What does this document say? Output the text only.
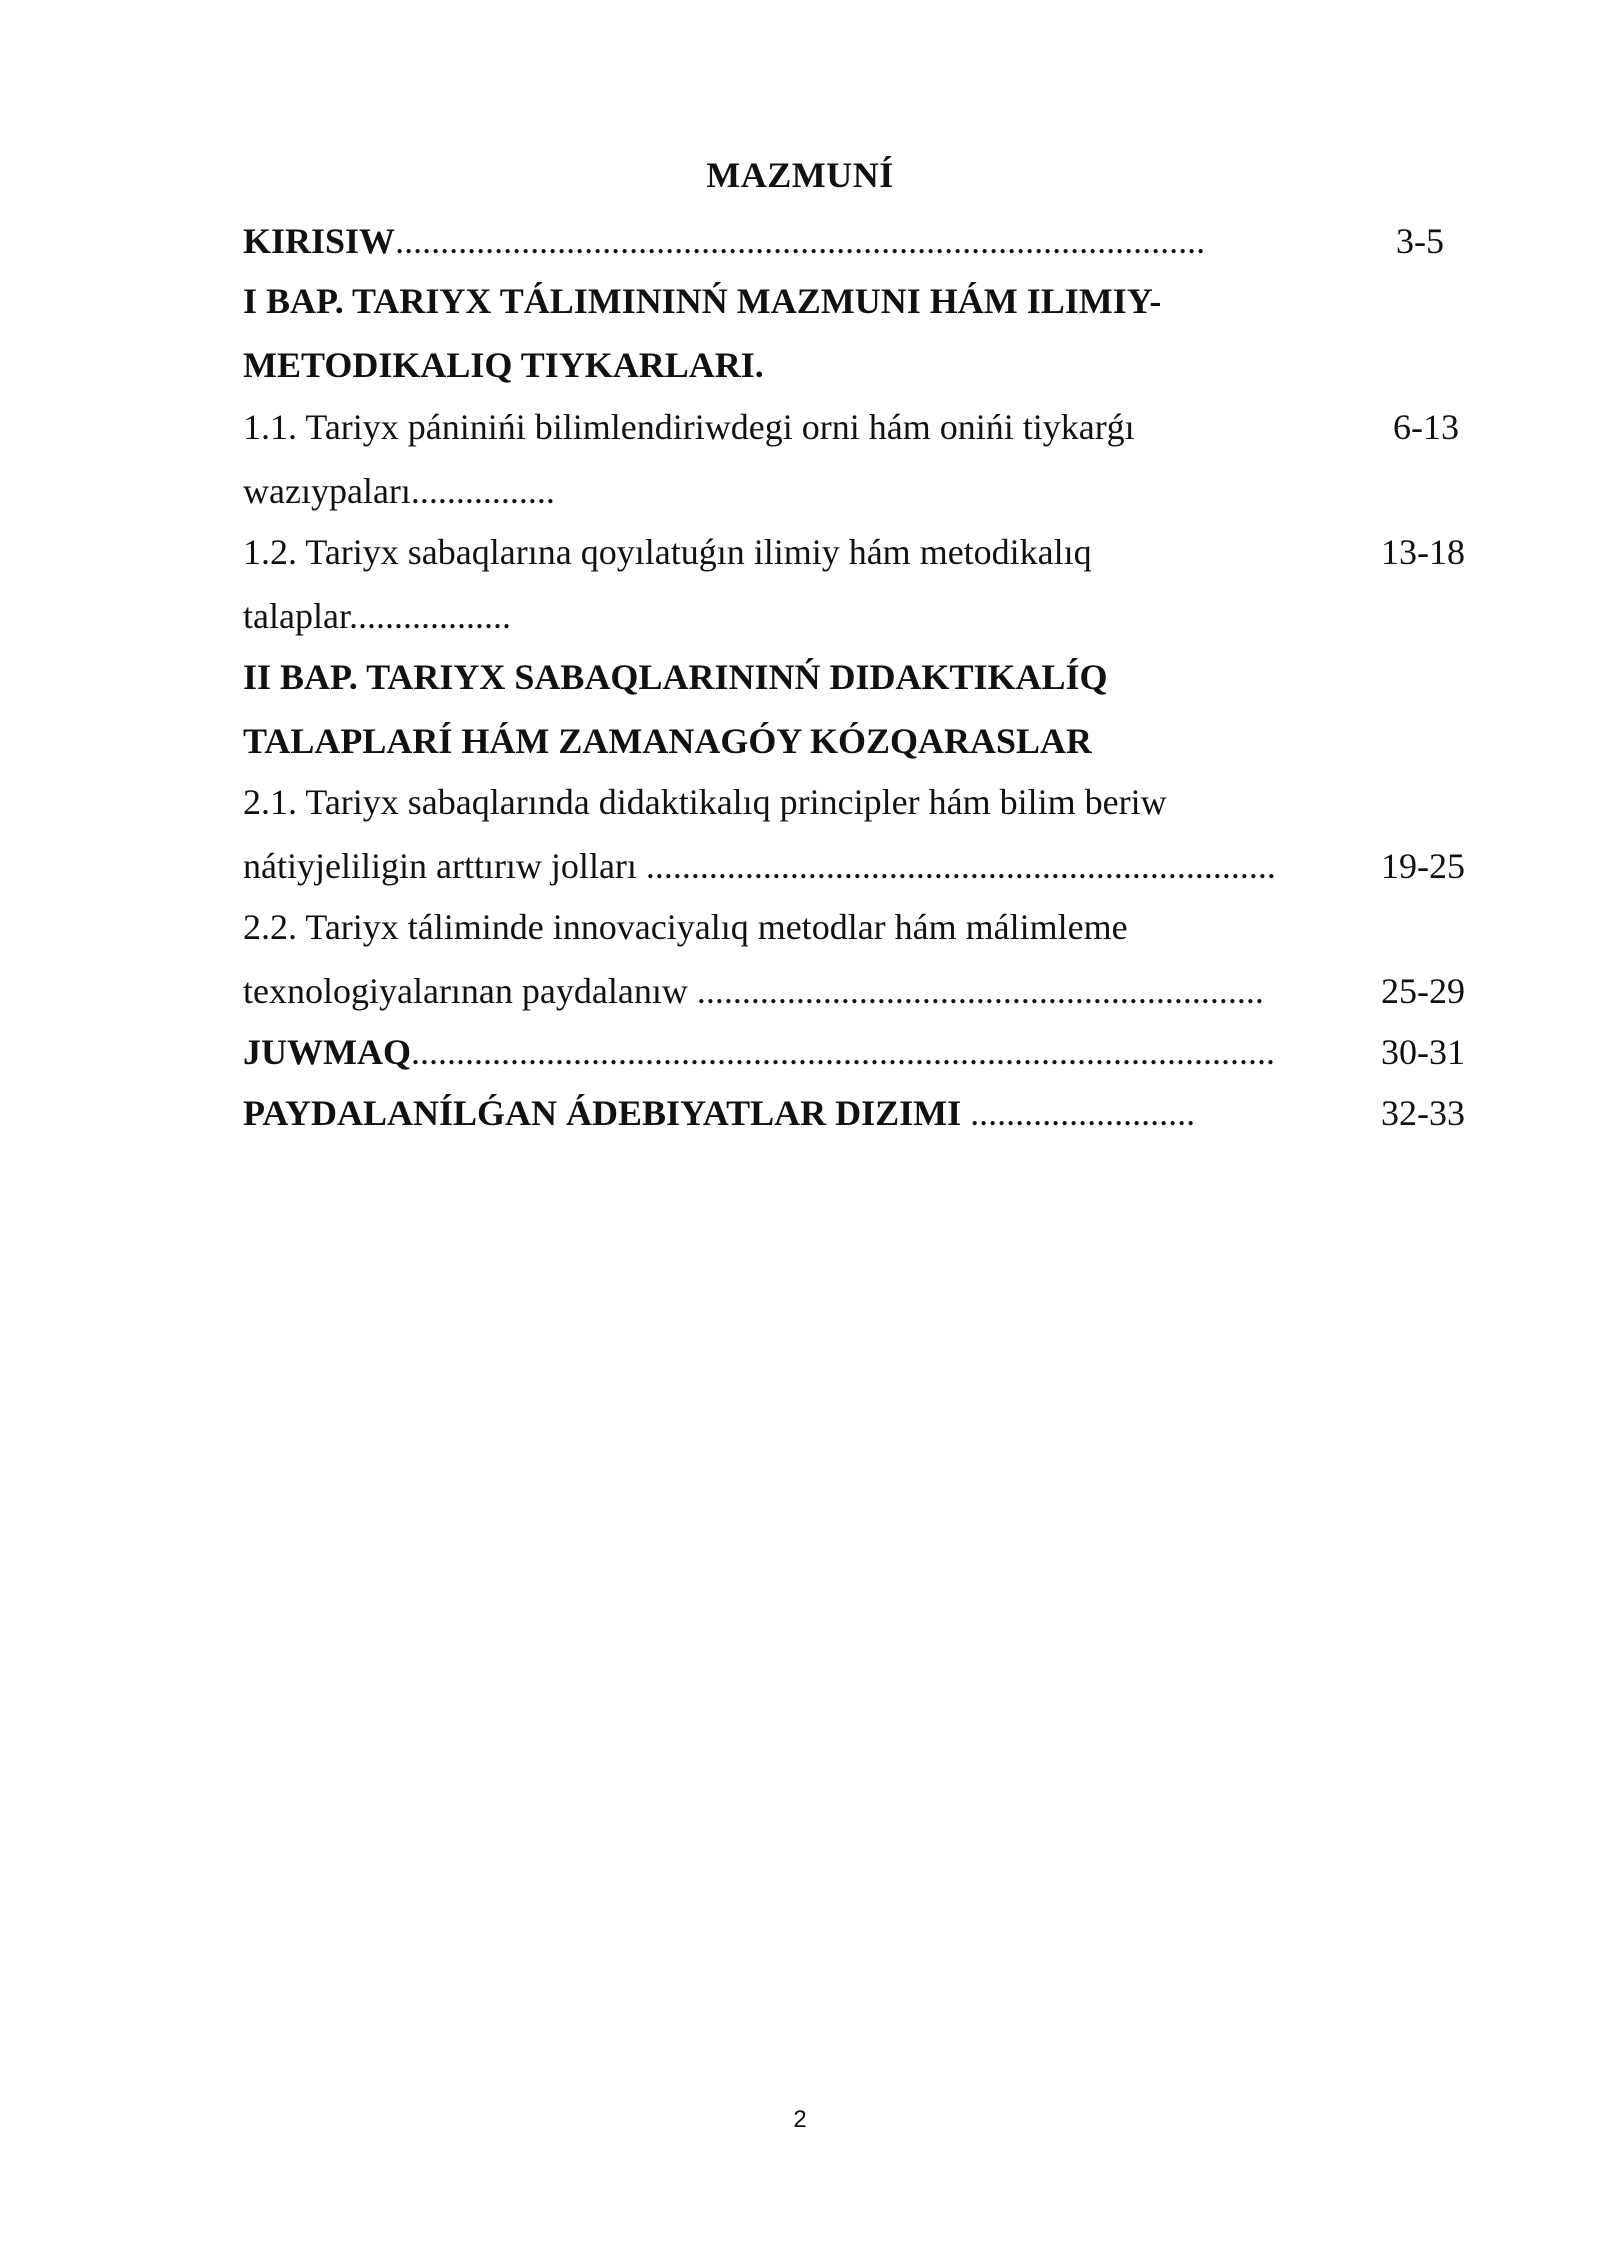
MAZMUNÍ
KIRISIW..........................................................................................	3-5
I BAP. TARIYX TÁLIMININŃ MAZMUNI HÁM ILIMIY-
METODIKALIQ TIYKARLARI.
1.1. Tariyx páninińi bilimlendiriwdegi orni hám onińi tiykarǵı	6-13
wazıypaları................
1.2. Tariyx sabaqlarına qoyılatuǵın ilimiy hám metodikalıq	13-18
talaplar..................
II BAP. TARIYX SABAQLARININŃ DIDAKTIKALÍQ
TALAPLARÍ HÁM ZAMANAGÓY KÓZQARASLAR
2.1. Tariyx sabaqlarında didaktikalıq principler hám bilim beriw
nátiyjeliligin arttırıw jolları ......................................................................	19-25
2.2. Tariyx táliminde innovaciyalıq metodlar hám málimleme
texnologiyalarınan paydalanıw ...............................................................	25-29
JUWMAQ................................................................................................	30-31
PAYDALANÍLǴAN ÁDEBIYATLAR DIZIMI .........................	32-33
2
